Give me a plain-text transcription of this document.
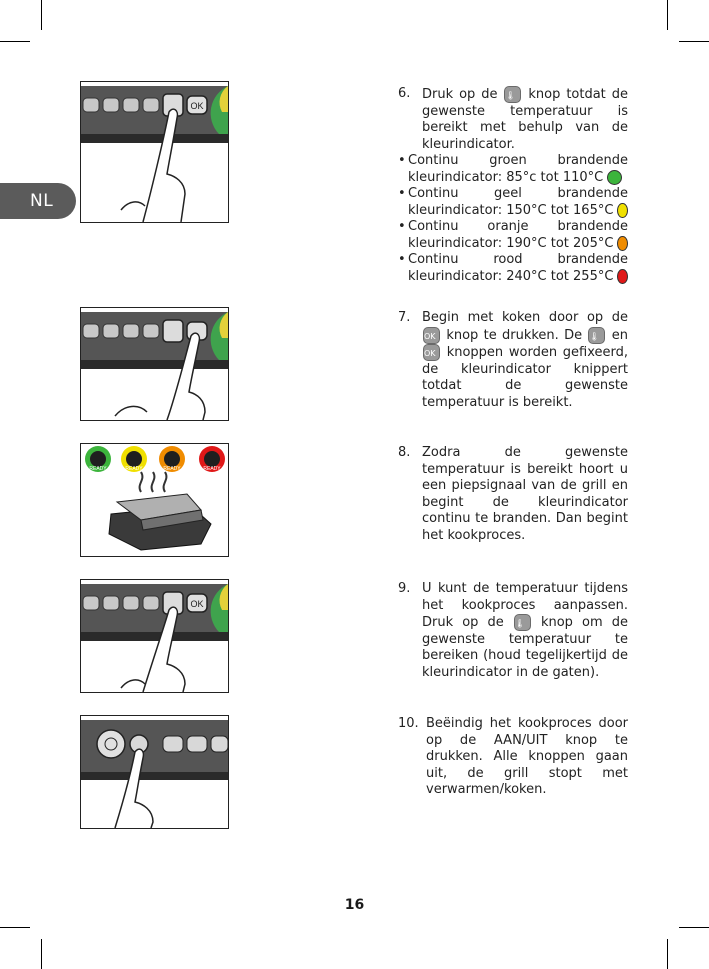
NL
OK
READY	READY	READY	READY
OK
6. Druk op de 🌡 knop totdat de gewenste temperatuur is bereikt met behulp van de kleurindicator.
• Continu groen brandende
kleurindicator: 85°c tot 110°C
• Continu	geel	brandende
kleurindicator: 150°C tot 165°C
• Continu oranje brandende
kleurindicator: 190°C tot 205°C
• Continu	rood	brandende
kleurindicator: 240°C tot 255°C
7. Begin met koken door op de OK knop te drukken. De 🌡 en OK knoppen worden gefixeerd, de kleurindicator knippert totdat de gewenste temperatuur is bereikt.
8. Zodra de gewenste temperatuur is bereikt hoort u een piepsignaal van de grill en begint de kleurindicator continu te branden. Dan begint het kookproces.
9. U kunt de temperatuur tijdens het kookproces aanpassen. Druk op de 🌡 knop om de gewenste temperatuur te bereiken (houd tegelijkertijd de kleurindicator in de gaten).
10. Beëindig het kookproces door op de AAN/UIT knop te drukken. Alle knoppen gaan uit, de grill stopt met verwarmen/koken.
16
